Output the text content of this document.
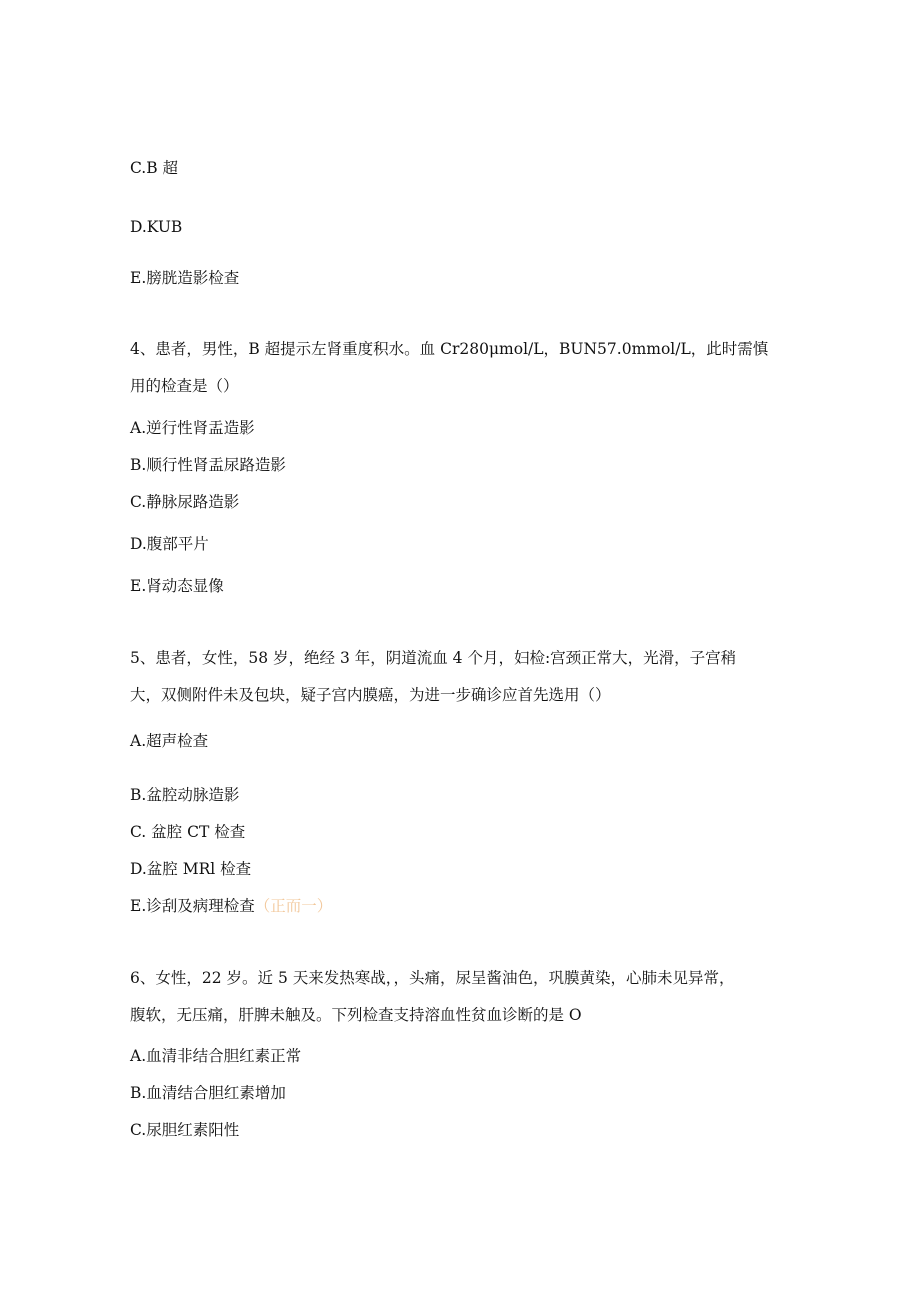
C.B 超
D.KUB
E.膀胱造影检查
4、患者，男性，B 超提示左肾重度积水。血 Cr280μmol/L，BUN57.0mmol/L，此时需慎
用的检查是（）
A.逆行性肾盂造影
B.顺行性肾盂尿路造影
C.静脉尿路造影
D.腹部平片
E.肾动态显像
5、患者，女性，58 岁，绝经 3 年，阴道流血 4 个月，妇检:宫颈正常大，光滑，子宫稍
大，双侧附件未及包块，疑子宫内膜癌，为进一步确诊应首先选用（）
A.超声检查
B.盆腔动脉造影
C. 盆腔 CT 检查
D.盆腔 MRl 检查
E.诊刮及病理检查（正而一）
6、女性，22 岁。近 5 天来发热寒战，，头痛，尿呈酱油色，巩膜黄染，心肺未见异常，
腹软，无压痛，肝脾未触及。下列检查支持溶血性贫血诊断的是 O
A.血清非结合胆红素正常
B.血清结合胆红素增加
C.尿胆红素阳性
